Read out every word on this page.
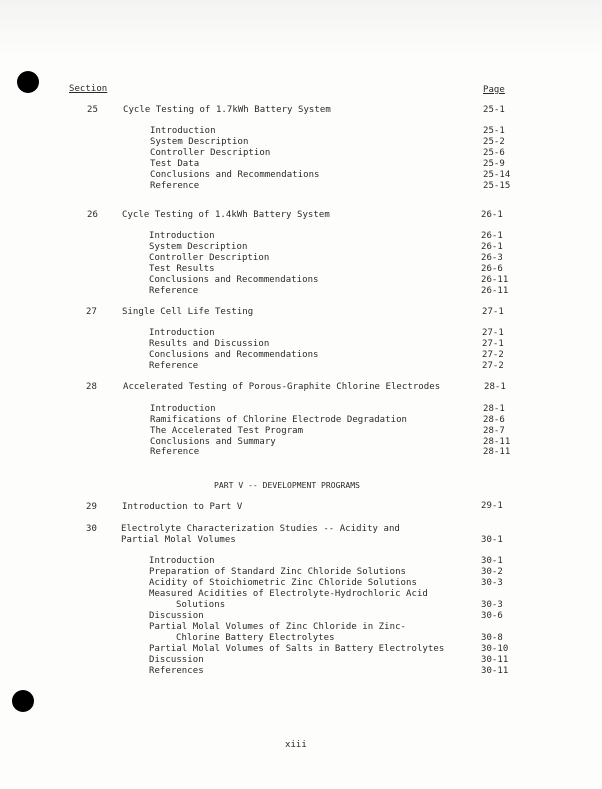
Section	Page
25	Cycle Testing of 1.7kWh Battery System	25-1
Introduction	25-1
System Description	25-2
Controller Description	25-6
Test Data	25-9
Conclusions and Recommendations	25-14
Reference	25-15
26	Cycle Testing of 1.4kWh Battery System	26-1
Introduction	26-1
System Description	26-1
Controller Description	26-3
Test Results	26-6
Conclusions and Recommendations	26-11
Reference	26-11
27	Single Cell Life Testing	27-1
Introduction	27-1
Results and Discussion	27-1
Conclusions and Recommendations	27-2
Reference	27-2
28	Accelerated Testing of Porous-Graphite Chlorine Electrodes	28-1
Introduction	28-1
Ramifications of Chlorine Electrode Degradation	28-6
The Accelerated Test Program	28-7
Conclusions and Summary	28-11
Reference	28-11
PART V -- DEVELOPMENT PROGRAMS
29	Introduction to Part V	29-1
30	Electrolyte Characterization Studies -- Acidity and
Partial Molal Volumes	30-1
Introduction	30-1
Preparation of Standard Zinc Chloride Solutions	30-2
Acidity of Stoichiometric Zinc Chloride Solutions	30-3
Measured Acidities of Electrolyte-Hydrochloric Acid
Solutions	30-3
Discussion	30-6
Partial Molal Volumes of Zinc Chloride in Zinc-
Chlorine Battery Electrolytes	30-8
Partial Molal Volumes of Salts in Battery Electrolytes	30-10
Discussion	30-11
References	30-11
xiii
